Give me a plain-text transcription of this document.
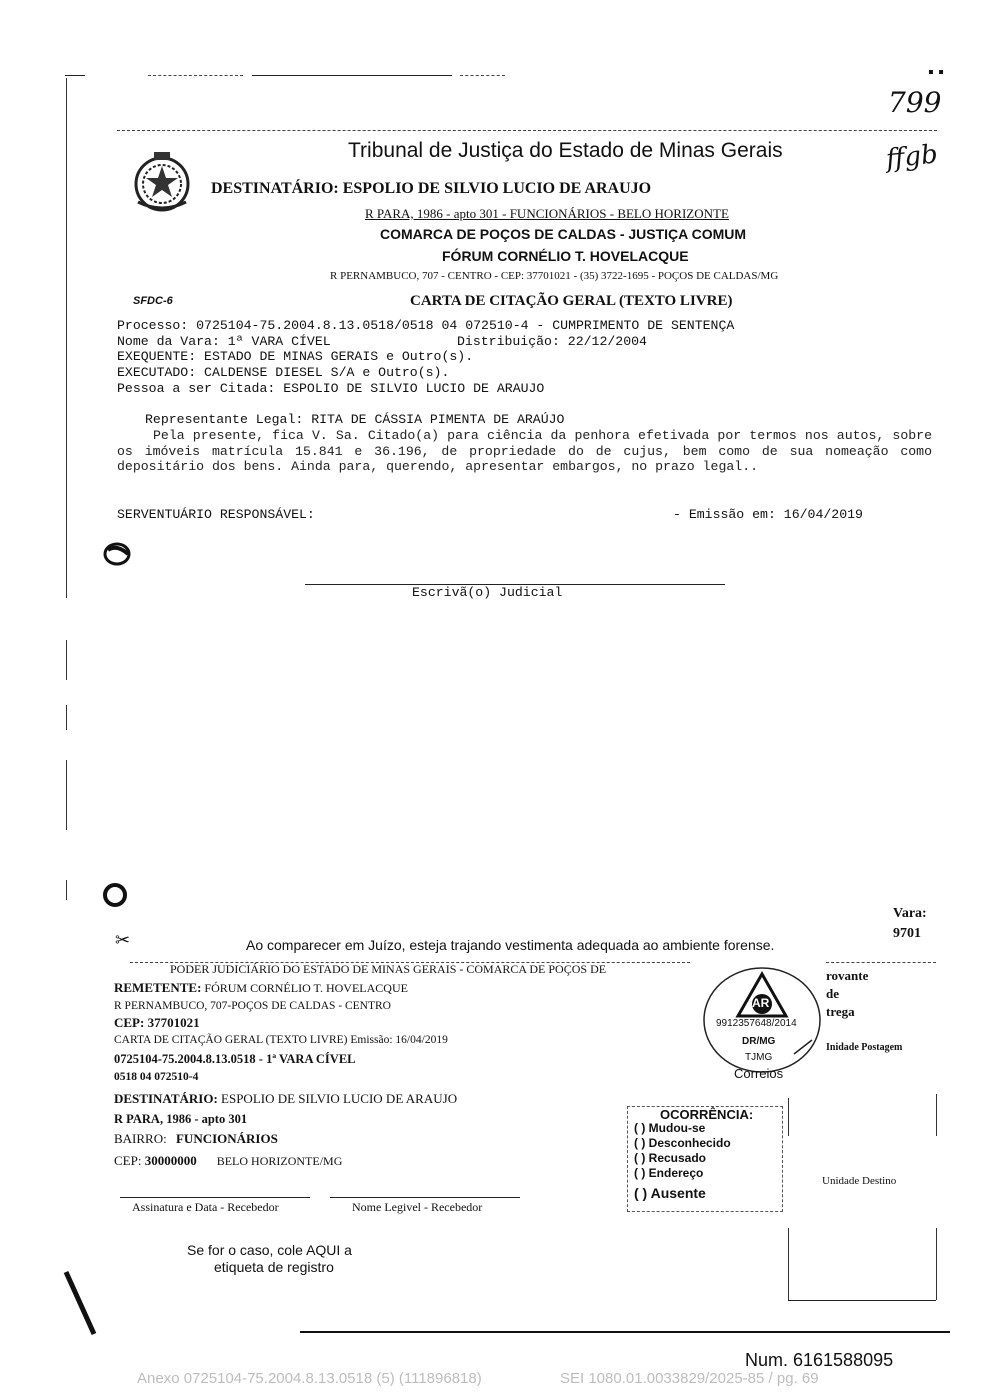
▪ ▪
799
ffgb
Tribunal de Justiça do Estado de Minas Gerais
DESTINATÁRIO: ESPOLIO DE SILVIO LUCIO DE ARAUJO
R PARA, 1986 - apto 301 - FUNCIONÁRIOS - BELO HORIZONTE
COMARCA DE POÇOS DE CALDAS - JUSTIÇA COMUM
FÓRUM CORNÉLIO T. HOVELACQUE
R PERNAMBUCO, 707 - CENTRO - CEP: 37701021 - (35) 3722-1695 - POÇOS DE CALDAS/MG
SFDC-6	CARTA DE CITAÇÃO GERAL (TEXTO LIVRE)
Processo: 0725104-75.2004.8.13.0518/0518 04 072510-4 - CUMPRIMENTO DE SENTENÇA
Nome da Vara: 1ª VARA CÍVEL	Distribuição: 22/12/2004
EXEQUENTE: ESTADO DE MINAS GERAIS e Outro(s).
EXECUTADO: CALDENSE DIESEL S/A e Outro(s).
Pessoa a ser Citada: ESPOLIO DE SILVIO LUCIO DE ARAUJO
Representante Legal: RITA DE CÁSSIA PIMENTA DE ARAÚJO
Pela presente, fica V. Sa. Citado(a) para ciência da penhora efetivada por termos nos autos, sobre os imóveis matrícula 15.841 e 36.196, de propriedade do de cujus, bem como de sua nomeação como depositário dos bens. Ainda para, querendo, apresentar embargos, no prazo legal..
SERVENTUÁRIO RESPONSÁVEL:	- Emissão em: 16/04/2019
Escrivã(o) Judicial
Vara:
9701
✂	Ao comparecer em Juízo, esteja trajando vestimenta adequada ao ambiente forense.
PODER JUDICIÁRIO DO ESTADO DE MINAS GERAIS - COMARCA DE POÇOS DE
REMETENTE: FÓRUM CORNÉLIO T. HOVELACQUE
R PERNAMBUCO, 707-POÇOS DE CALDAS - CENTRO
CEP: 37701021
CARTA DE CITAÇÃO GERAL (TEXTO LIVRE) Emissão: 16/04/2019
0725104-75.2004.8.13.0518 - 1ª VARA CÍVEL
0518 04 072510-4
DESTINATÁRIO: ESPOLIO DE SILVIO LUCIO DE ARAUJO
R PARA, 1986 - apto 301
BAIRRO: FUNCIONÁRIOS
CEP: 30000000 BELO HORIZONTE/MG
Assinatura e Data - Recebedor	Nome Legivel - Recebedor
Se for o caso, cole AQUI a
etiqueta de registro
AR
9912357648/2014
DR/MG
TJMG
Correios
rovante
de
trega
Inidade Postagem
Unidade Destino
OCORRÊNCIA:
( ) Mudou-se
( ) Desconhecido
( ) Recusado
( ) Endereço
( ) Ausente
Num. 6161588095
Anexo 0725104-75.2004.8.13.0518 (5) (111896818)	SEI 1080.01.0033829/2025-85 / pg. 69
